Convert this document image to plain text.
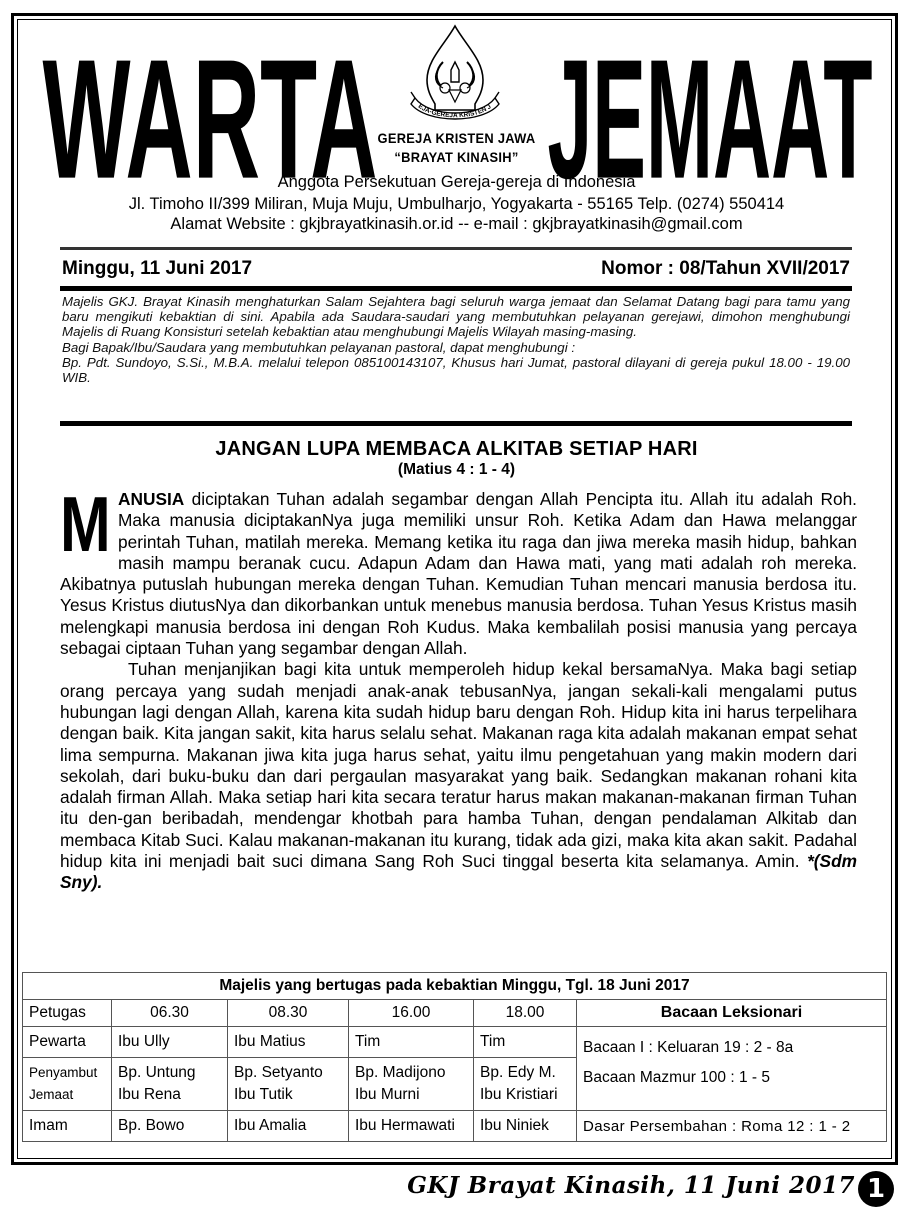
WARTA JEMAAT
EJA-GEREJA KRISTEN J
GEREJA KRISTEN JAWA
“BRAYAT KINASIH”
Anggota Persekutuan Gereja-gereja di Indonesia
Jl. Timoho II/399 Miliran, Muja Muju, Umbulharjo, Yogyakarta - 55165 Telp. (0274) 550414
Alamat Website : gkjbrayatkinasih.or.id -- e-mail : gkjbrayatkinasih@gmail.com
Minggu, 11 Juni 2017	Nomor : 08/Tahun XVII/2017

Majelis GKJ. Brayat Kinasih menghaturkan Salam Sejahtera bagi seluruh warga jemaat dan Selamat Datang bagi para tamu yang baru mengikuti kebaktian di sini. Apabila ada Saudara-saudari yang membutuhkan pelayanan gerejawi, dimohon menghubungi Majelis di Ruang Konsisturi setelah kebaktian atau menghubungi Majelis Wilayah masing-masing.

Bagi Bapak/Ibu/Saudara yang membutuhkan pelayanan pastoral, dapat menghubungi :

Bp. Pdt. Sundoyo, S.Si., M.B.A. melalui telepon 085100143107, Khusus hari Jumat, pastoral dilayani di gereja pukul 18.00 - 19.00 WIB.

JANGAN LUPA MEMBACA ALKITAB SETIAP HARI
(Matius 4 : 1 - 4)

MANUSIA diciptakan Tuhan adalah segambar dengan Allah Pencipta itu. Allah itu adalah Roh. Maka manusia diciptakanNya juga memiliki unsur Roh. Ketika Adam dan Hawa melanggar perintah Tuhan, matilah mereka. Memang ketika itu raga dan jiwa mereka masih hidup, bahkan masih mampu beranak cucu. Adapun Adam dan Hawa mati, yang mati adalah roh mereka. Akibatnya putuslah hubungan mereka dengan Tuhan. Kemudian Tuhan mencari manusia berdosa itu. Yesus Kristus diutusNya dan dikorbankan untuk menebus manusia berdosa. Tuhan Yesus Kristus masih melengkapi manusia berdosa ini dengan Roh Kudus. Maka kembalilah posisi manusia yang percaya sebagai ciptaan Tuhan yang segambar dengan Allah.

Tuhan menjanjikan bagi kita untuk memperoleh hidup kekal bersamaNya. Maka bagi setiap orang percaya yang sudah menjadi anak-anak tebusanNya, jangan sekali-kali mengalami putus hubungan lagi dengan Allah, karena kita sudah hidup baru dengan Roh. Hidup kita ini harus terpelihara dengan baik. Kita jangan sakit, kita harus selalu sehat. Makanan raga kita adalah makanan empat sehat lima sempurna. Makanan jiwa kita juga harus sehat, yaitu ilmu pengetahuan yang makin modern dari sekolah, dari buku-buku dan dari pergaulan masyarakat yang baik. Sedangkan makanan rohani kita adalah firman Allah. Maka setiap hari kita secara teratur harus makan makanan-makanan firman Tuhan itu den-gan beribadah, mendengar khotbah para hamba Tuhan, dengan pendalaman Alkitab dan membaca Kitab Suci. Kalau makanan-makanan itu kurang, tidak ada gizi, maka kita akan sakit. Padahal hidup kita ini menjadi bait suci dimana Sang Roh Suci tinggal beserta kita selamanya. Amin. *(Sdm Sny).

Majelis yang bertugas pada kebaktian Minggu, Tgl. 18 Juni 2017
Petugas	06.30	08.30	16.00	18.00	Bacaan Leksionari
Pewarta	Ibu Ully	Ibu Matius	Tim	Tim	Bacaan I : Keluaran 19 : 2 - 8a
Bacaan Mazmur 100 : 1 - 5

Penyambut
Jemaat

Bp. Untung
Ibu Rena

Bp. Setyanto
Ibu Tutik

Bp. Madijono
Ibu Murni

Bp. Edy M.
Ibu Kristiari

Imam	Bp. Bowo	Ibu Amalia	Ibu Hermawati	Ibu Niniek	Dasar Persembahan : Roma 12 : 1 - 2
GKJ Brayat Kinasih, 11 Juni 2017 1
